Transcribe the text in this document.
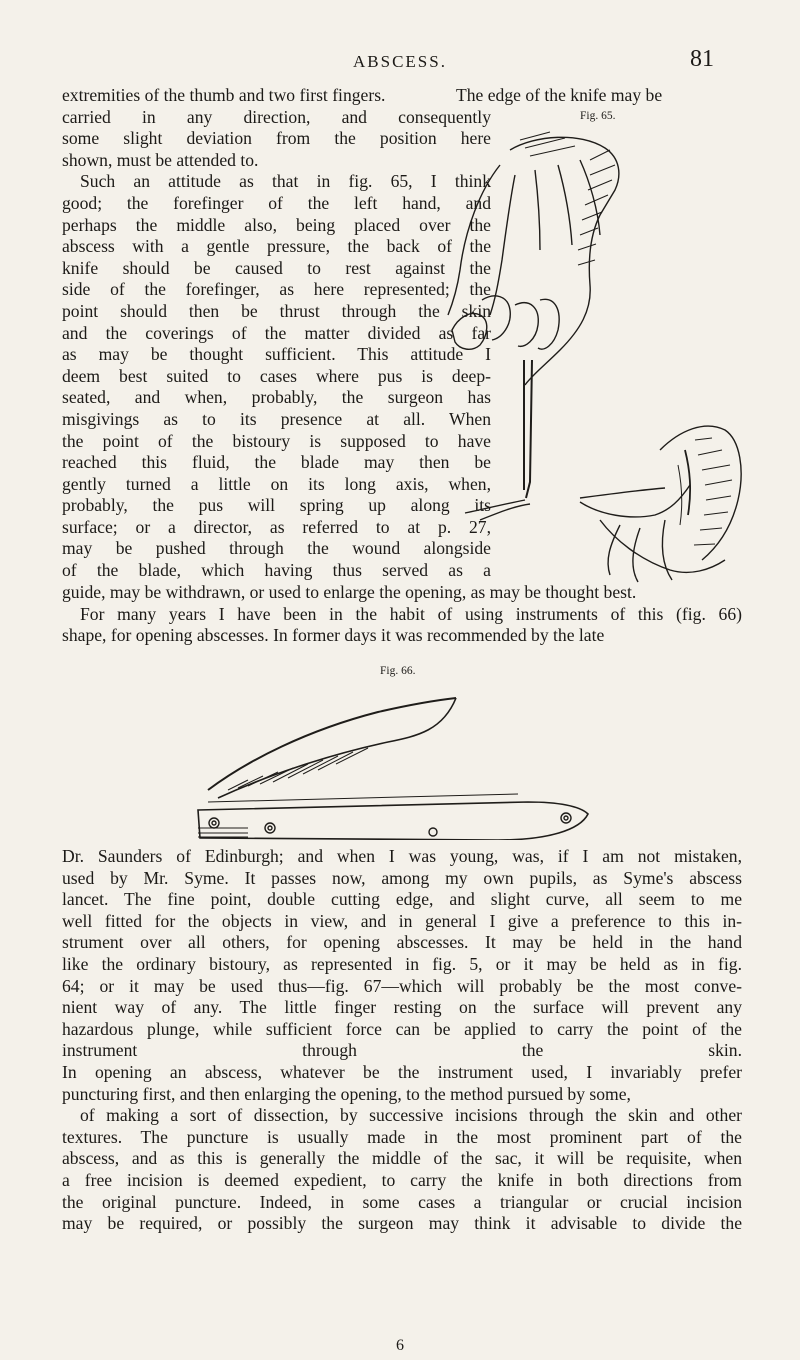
ABSCESS.	81
extremities of the thumb and two first fingers.
carried in any direction, and consequently
some slight deviation from the position here
shown, must be attended to.
Such an attitude as that in fig. 65, I think
good; the forefinger of the left hand, and
perhaps the middle also, being placed over the
abscess with a gentle pressure, the back of the
knife should be caused to rest against the
side of the forefinger, as here represented; the
point should then be thrust through the skin
and the coverings of the matter divided as far
as may be thought sufficient. This attitude I
deem best suited to cases where pus is deep-
seated, and when, probably, the surgeon has
misgivings as to its presence at all. When
the point of the bistoury is supposed to have
reached this fluid, the blade may then be
gently turned a little on its long axis, when,
probably, the pus will spring up along its
surface; or a director, as referred to at p. 27,
may be pushed through the wound alongside
of the blade, which having thus served as a
The edge of the knife may be
Fig. 65.
guide, may be withdrawn, or used to enlarge the opening, as may be thought best.
For many years I have been in the habit of using instruments of this (fig. 66)
shape, for opening abscesses. In former days it was recommended by the late
Fig. 66.
Dr. Saunders of Edinburgh; and when I was young, was, if I am not mistaken,
used by Mr. Syme. It passes now, among my own pupils, as Syme's abscess
lancet. The fine point, double cutting edge, and slight curve, all seem to me
well fitted for the objects in view, and in general I give a preference to this in-
strument over all others, for opening abscesses. It may be held in the hand
like the ordinary bistoury, as represented in fig. 5, or it may be held as in fig.
64; or it may be used thus—fig. 67—which will probably be the most conve-
nient way of any. The little finger resting on the surface will prevent any
hazardous plunge, while sufficient force can be applied to carry the point of the
instrument through the skin.
In opening an abscess, whatever be the instrument used, I invariably prefer
puncturing first, and then enlarging the opening, to the method pursued by some,
of making a sort of dissection, by successive incisions through the skin and other
textures. The puncture is usually made in the most prominent part of the
abscess, and as this is generally the middle of the sac, it will be requisite, when
a free incision is deemed expedient, to carry the knife in both directions from
the original puncture. Indeed, in some cases a triangular or crucial incision
may be required, or possibly the surgeon may think it advisable to divide the
6
